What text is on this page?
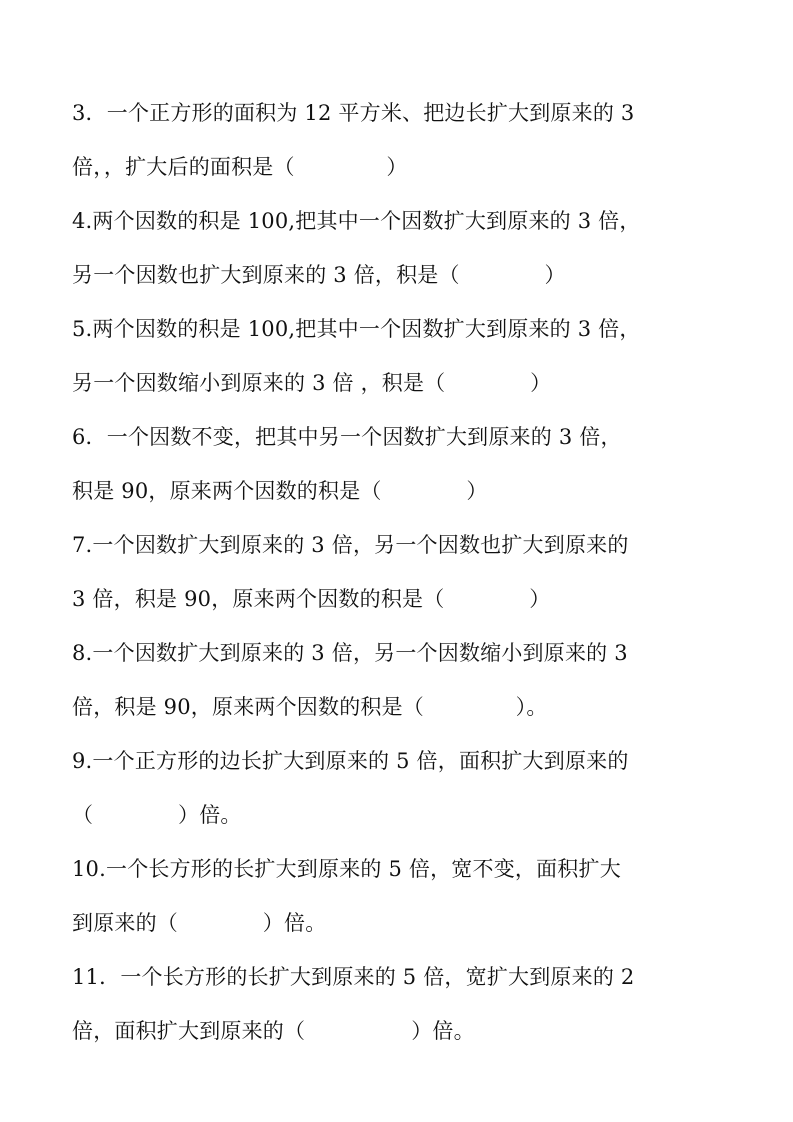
3．一个正方形的面积为 12 平方米、把边长扩大到原来的 3
倍，，扩大后的面积是（　　　　 ）
4.两个因数的积是 100,把其中一个因数扩大到原来的 3 倍，
另一个因数也扩大到原来的 3 倍，积是（　　　　）
5.两个因数的积是 100,把其中一个因数扩大到原来的 3 倍，
另一个因数缩小到原来的 3 倍 ，积是（　　　　）
6．一个因数不变，把其中另一个因数扩大到原来的 3 倍，
积是 90，原来两个因数的积是（　　　　）
7.一个因数扩大到原来的 3 倍，另一个因数也扩大到原来的
3 倍，积是 90，原来两个因数的积是（　　　　）
8.一个因数扩大到原来的 3 倍，另一个因数缩小到原来的 3
倍，积是 90，原来两个因数的积是（　　　　 ）。
9.一个正方形的边长扩大到原来的 5 倍，面积扩大到原来的
（　　　　）倍。
10.一个长方形的长扩大到原来的 5 倍，宽不变，面积扩大
到原来的（　　　　）倍。
11．一个长方形的长扩大到原来的 5 倍，宽扩大到原来的 2
倍，面积扩大到原来的（　　　　　）倍。
